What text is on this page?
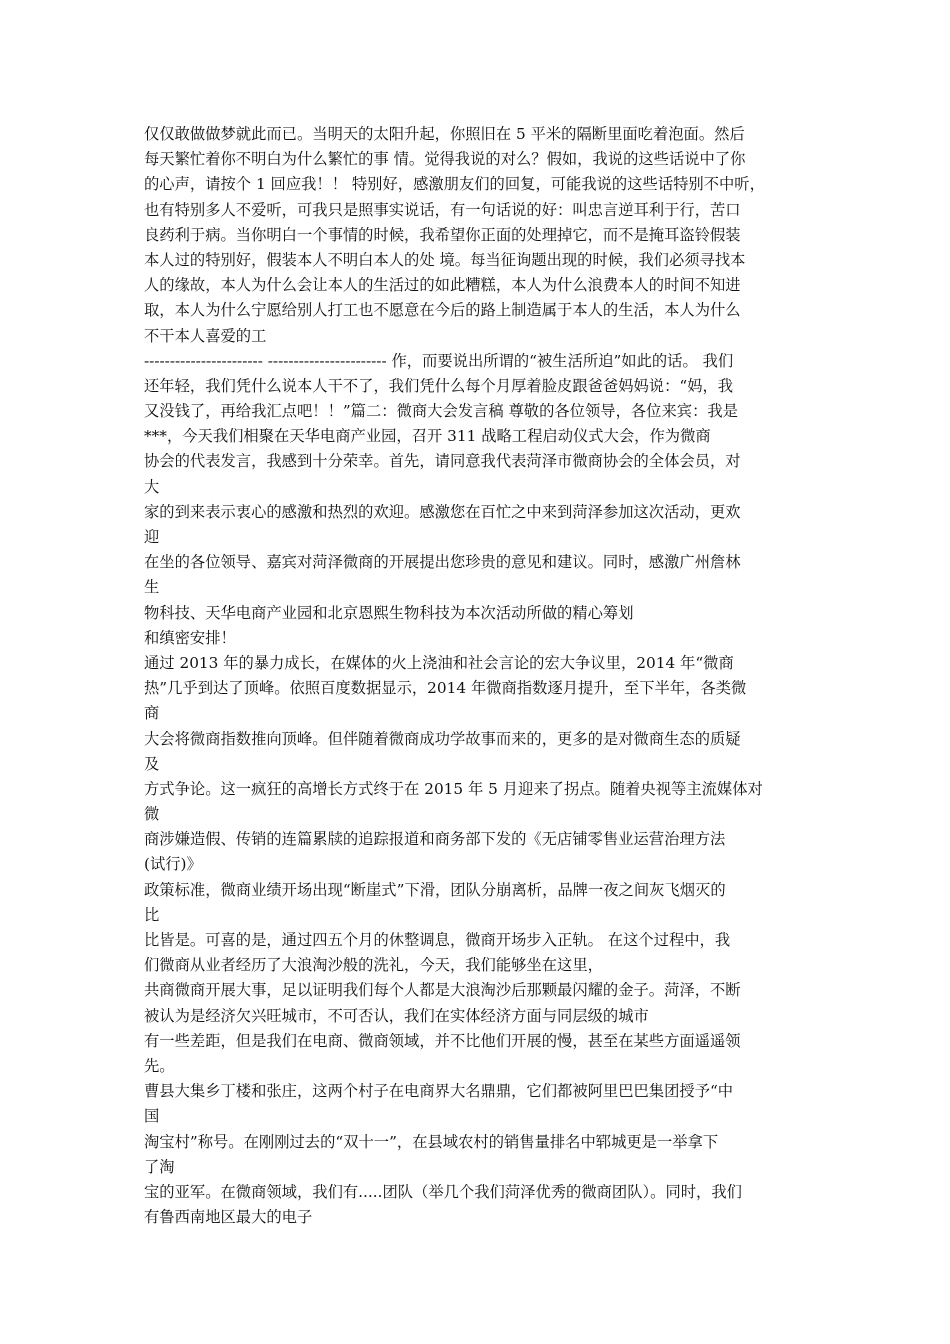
仅仅敢做做梦就此而已。当明天的太阳升起，你照旧在 5 平米的隔断里面吃着泡面。然后
每天繁忙着你不明白为什么繁忙的事 情。觉得我说的对么？假如，我说的这些话说中了你
的心声，请按个 1 回应我！！ 特别好，感激朋友们的回复，可能我说的这些话特别不中听，
也有特别多人不爱听，可我只是照事实说话，有一句话说的好：叫忠言逆耳利于行，苦口
良药利于病。当你明白一个事情的时候，我希望你正面的处理掉它，而不是掩耳盗铃假装
本人过的特别好，假装本人不明白本人的处 境。每当征询题出现的时候，我们必须寻找本
人的缘故，本人为什么会让本人的生活过的如此糟糕，本人为什么浪费本人的时间不知进
取，本人为什么宁愿给别人打工也不愿意在今后的路上制造属于本人的生活，本人为什么
不干本人喜爱的工
----------------------- ----------------------- 作，而要说出所谓的“被生活所迫”如此的话。 我们
还年轻，我们凭什么说本人干不了，我们凭什么每个月厚着脸皮跟爸爸妈妈说：“妈，我
又没钱了，再给我汇点吧！！”篇二：微商大会发言稿 尊敬的各位领导，各位来宾：我是
***，今天我们相聚在天华电商产业园，召开 311 战略工程启动仪式大会，作为微商
协会的代表发言，我感到十分荣幸。首先，请同意我代表菏泽市微商协会的全体会员，对
大
家的到来表示衷心的感激和热烈的欢迎。感激您在百忙之中来到菏泽参加这次活动，更欢
迎
在坐的各位领导、嘉宾对菏泽微商的开展提出您珍贵的意见和建议。同时，感激广州詹林
生
物科技、天华电商产业园和北京恩熙生物科技为本次活动所做的精心筹划
和缜密安排！
通过 2013 年的暴力成长，在媒体的火上浇油和社会言论的宏大争议里，2014 年“微商
热”几乎到达了顶峰。依照百度数据显示，2014 年微商指数逐月提升，至下半年，各类微
商
大会将微商指数推向顶峰。但伴随着微商成功学故事而来的，更多的是对微商生态的质疑
及
方式争论。这一疯狂的高增长方式终于在 2015 年 5 月迎来了拐点。随着央视等主流媒体对
微
商涉嫌造假、传销的连篇累牍的追踪报道和商务部下发的《无店铺零售业运营治理方法
(试行)》
政策标准，微商业绩开场出现“断崖式”下滑，团队分崩离析，品牌一夜之间灰飞烟灭的
比
比皆是。可喜的是，通过四五个月的休整调息，微商开场步入正轨。 在这个过程中，我
们微商从业者经历了大浪淘沙般的洗礼，今天，我们能够坐在这里，
共商微商开展大事，足以证明我们每个人都是大浪淘沙后那颗最闪耀的金子。菏泽，不断
被认为是经济欠兴旺城市，不可否认，我们在实体经济方面与同层级的城市
有一些差距，但是我们在电商、微商领域，并不比他们开展的慢，甚至在某些方面遥遥领
先。
曹县大集乡丁楼和张庄，这两个村子在电商界大名鼎鼎，它们都被阿里巴巴集团授予“中
国
淘宝村”称号。在刚刚过去的“双十一”，在县域农村的销售量排名中郓城更是一举拿下
了淘
宝的亚军。在微商领域，我们有.....团队（举几个我们菏泽优秀的微商团队）。同时，我们
有鲁西南地区最大的电子
